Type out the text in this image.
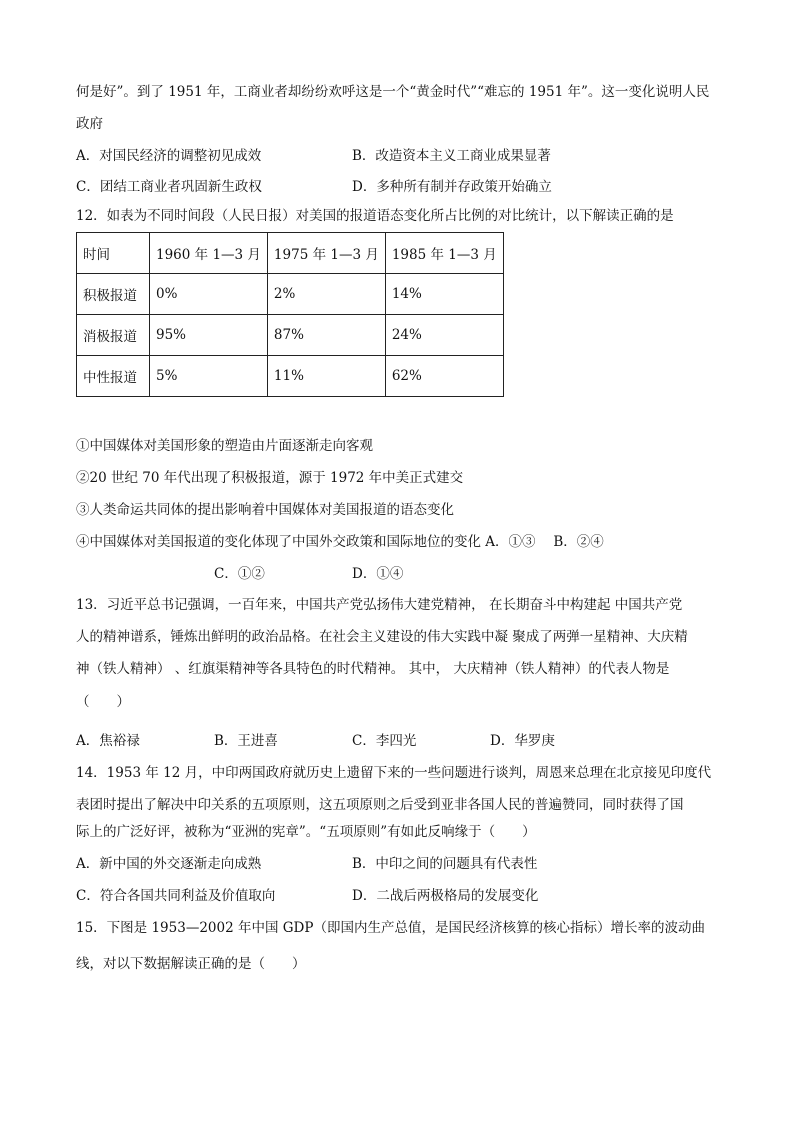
何是好”。到了 1951 年，工商业者却纷纷欢呼这是一个“黄金时代”“难忘的 1951 年”。这一变化说明人民
政府
A．对国民经济的调整初见成效	B．改造资本主义工商业成果显著
C．团结工商业者巩固新生政权	D．多种所有制并存政策开始确立
12．如表为不同时间段（人民日报）对美国的报道语态变化所占比例的对比统计，以下解读正确的是
时间	1960 年 1—3 月	1975 年 1—3 月	1985 年 1—3 月
积极报道	0%	2%	14%
消极报道	95%	87%	24%
中性报道	5%	11%	62%
①中国媒体对美国形象的塑造由片面逐渐走向客观
②20 世纪 70 年代出现了积极报道，源于 1972 年中美正式建交
③人类命运共同体的提出影响着中国媒体对美国报道的语态变化
④中国媒体对美国报道的变化体现了中国外交政策和国际地位的变化 A．①③　 B．②④
C．①②	D．①④
13．习近平总书记强调，一百年来，中国共产党弘扬伟大建党精神， 在长期奋斗中构建起 中国共产党
人的精神谱系，锤炼出鲜明的政治品格。在社会主义建设的伟大实践中凝 聚成了两弹一星精神、大庆精
神（铁人精神） 、红旗渠精神等各具特色的时代精神。 其中， 大庆精神（铁人精神）的代表人物是
（　　）
A．焦裕禄	B．王进喜	C．李四光	D．华罗庚
14．1953 年 12 月，中印两国政府就历史上遗留下来的一些问题进行谈判，周恩来总理在北京接见印度代
表团时提出了解决中印关系的五项原则，这五项原则之后受到亚非各国人民的普遍赞同，同时获得了国
际上的广泛好评，被称为“亚洲的宪章”。“五项原则”有如此反响缘于（　　）
A．新中国的外交逐渐走向成熟	B．中印之间的问题具有代表性
C．符合各国共同利益及价值取向	D．二战后两极格局的发展变化
15．下图是 1953—2002 年中国 GDP（即国内生产总值，是国民经济核算的核心指标）增长率的波动曲
线，对以下数据解读正确的是（　　）
